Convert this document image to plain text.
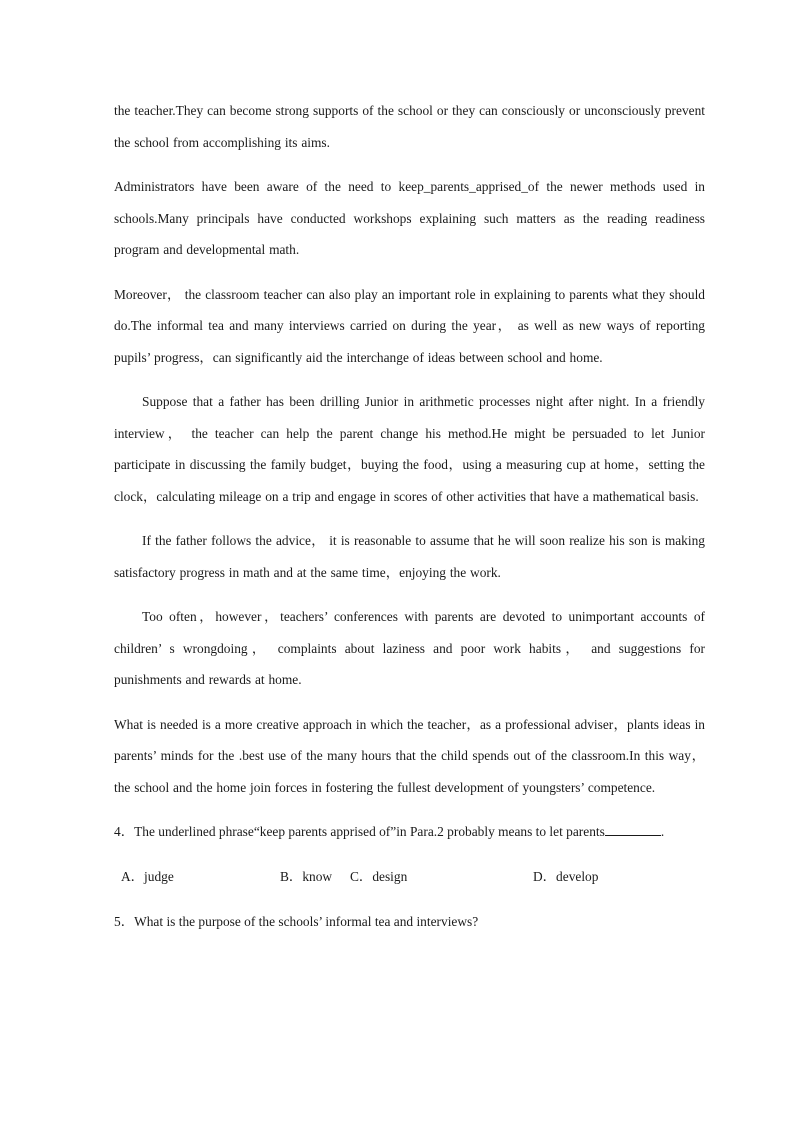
the teacher.They can become strong supports of the school or they can consciously or unconsciously prevent the school from accomplishing its aims.

Administrators have been aware of the need to keep_parents_apprised_of the newer methods used in schools.Many principals have conducted workshops explaining such matters as the reading readiness program and developmental math.

Moreover， the classroom teacher can also play an important role in explaining to parents what they should do.The informal tea and many interviews carried on during the year， as well as new ways of reporting pupils’ progress，can significantly aid the interchange of ideas between school and home.

Suppose that a father has been drilling Junior in arithmetic processes night after night. In a friendly interview， the teacher can help the parent change his method.He might be persuaded to let Junior participate in discussing the family budget，buying the food，using a measuring cup at home，setting the clock，calculating mileage on a trip and engage in scores of other activities that have a mathematical basis.

If the father follows the advice， it is reasonable to assume that he will soon realize his son is making satisfactory progress in math and at the same time，enjoying the work.

Too often，however，teachers’ conferences with parents are devoted to unimportant accounts of children’ s wrongdoing， complaints about laziness and poor work habits， and suggestions for punishments and rewards at home.

What is needed is a more creative approach in which the teacher，as a professional adviser，plants ideas in parents’ minds for the .best use of the many hours that the child spends out of the classroom.In this way， the school and the home join forces in fostering the fullest development of youngsters’ competence.

4．The underlined phrase“keep parents apprised of”in Para.2 probably means to let parents	.

A．judge	B．know C．design	D．develop

5．What is the purpose of the schools’ informal tea and interviews?
